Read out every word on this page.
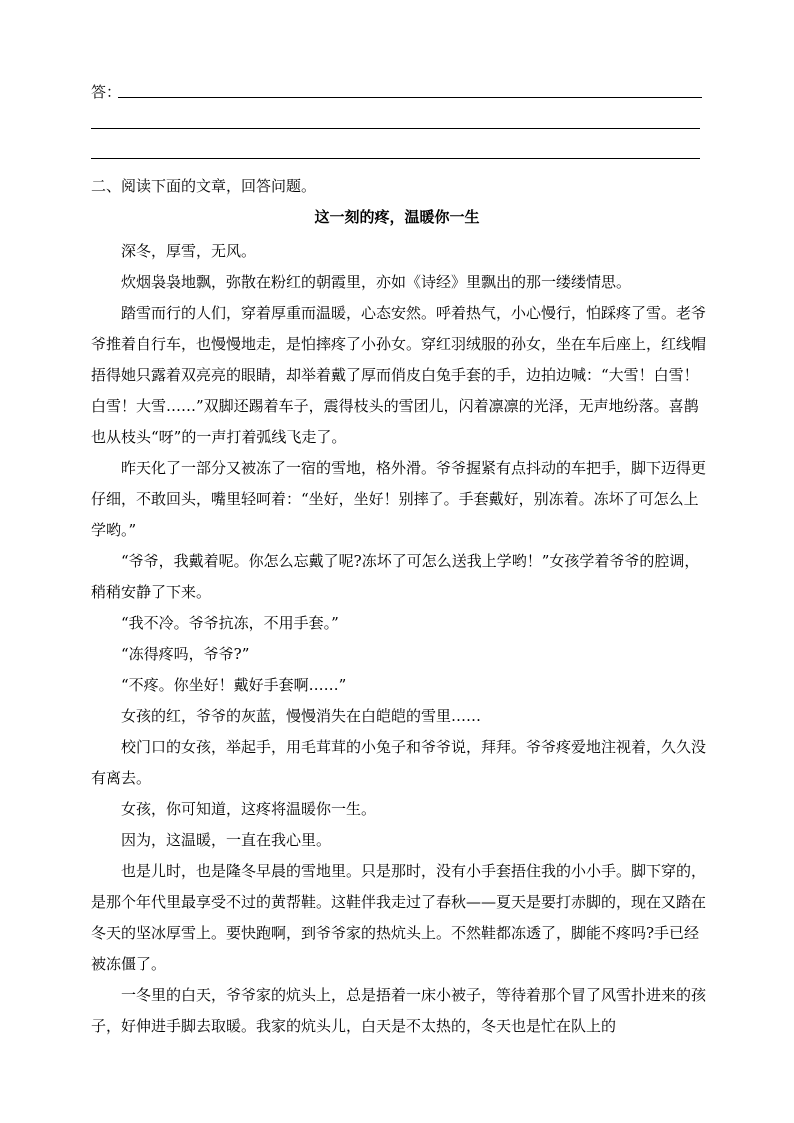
答：
二、阅读下面的文章，回答问题。
这一刻的疼，温暖你一生

深冬，厚雪，无风。

炊烟袅袅地飘，弥散在粉红的朝霞里，亦如《诗经》里飘出的那一缕缕情思。

踏雪而行的人们，穿着厚重而温暖，心态安然。呼着热气，小心慢行，怕踩疼了雪。老爷爷推着自行车，也慢慢地走，是怕摔疼了小孙女。穿红羽绒服的孙女，坐在车后座上，红线帽捂得她只露着双亮亮的眼睛，却举着戴了厚而俏皮白兔手套的手，边拍边喊：“大雪！白雪！白雪！大雪……”双脚还踢着车子，震得枝头的雪团儿，闪着凛凛的光泽，无声地纷落。喜鹊也从枝头“呀”的一声打着弧线飞走了。

昨天化了一部分又被冻了一宿的雪地，格外滑。爷爷握紧有点抖动的车把手，脚下迈得更仔细，不敢回头，嘴里轻呵着：“坐好，坐好！别摔了。手套戴好，别冻着。冻坏了可怎么上学哟。”

“爷爷，我戴着呢。你怎么忘戴了呢?冻坏了可怎么送我上学哟！”女孩学着爷爷的腔调，稍稍安静了下来。

“我不冷。爷爷抗冻，不用手套。”

“冻得疼吗，爷爷?”

“不疼。你坐好！戴好手套啊……”

女孩的红，爷爷的灰蓝，慢慢消失在白皑皑的雪里……

校门口的女孩，举起手，用毛茸茸的小兔子和爷爷说，拜拜。爷爷疼爱地注视着，久久没有离去。

女孩，你可知道，这疼将温暖你一生。

因为，这温暖，一直在我心里。

也是儿时，也是隆冬早晨的雪地里。只是那时，没有小手套捂住我的小小手。脚下穿的，是那个年代里最享受不过的黄帮鞋。这鞋伴我走过了春秋——夏天是要打赤脚的，现在又踏在冬天的坚冰厚雪上。要快跑啊，到爷爷家的热炕头上。不然鞋都冻透了，脚能不疼吗?手已经被冻僵了。

一冬里的白天，爷爷家的炕头上，总是捂着一床小被子，等待着那个冒了风雪扑进来的孩子，好伸进手脚去取暖。我家的炕头儿，白天是不太热的，冬天也是忙在队上的
